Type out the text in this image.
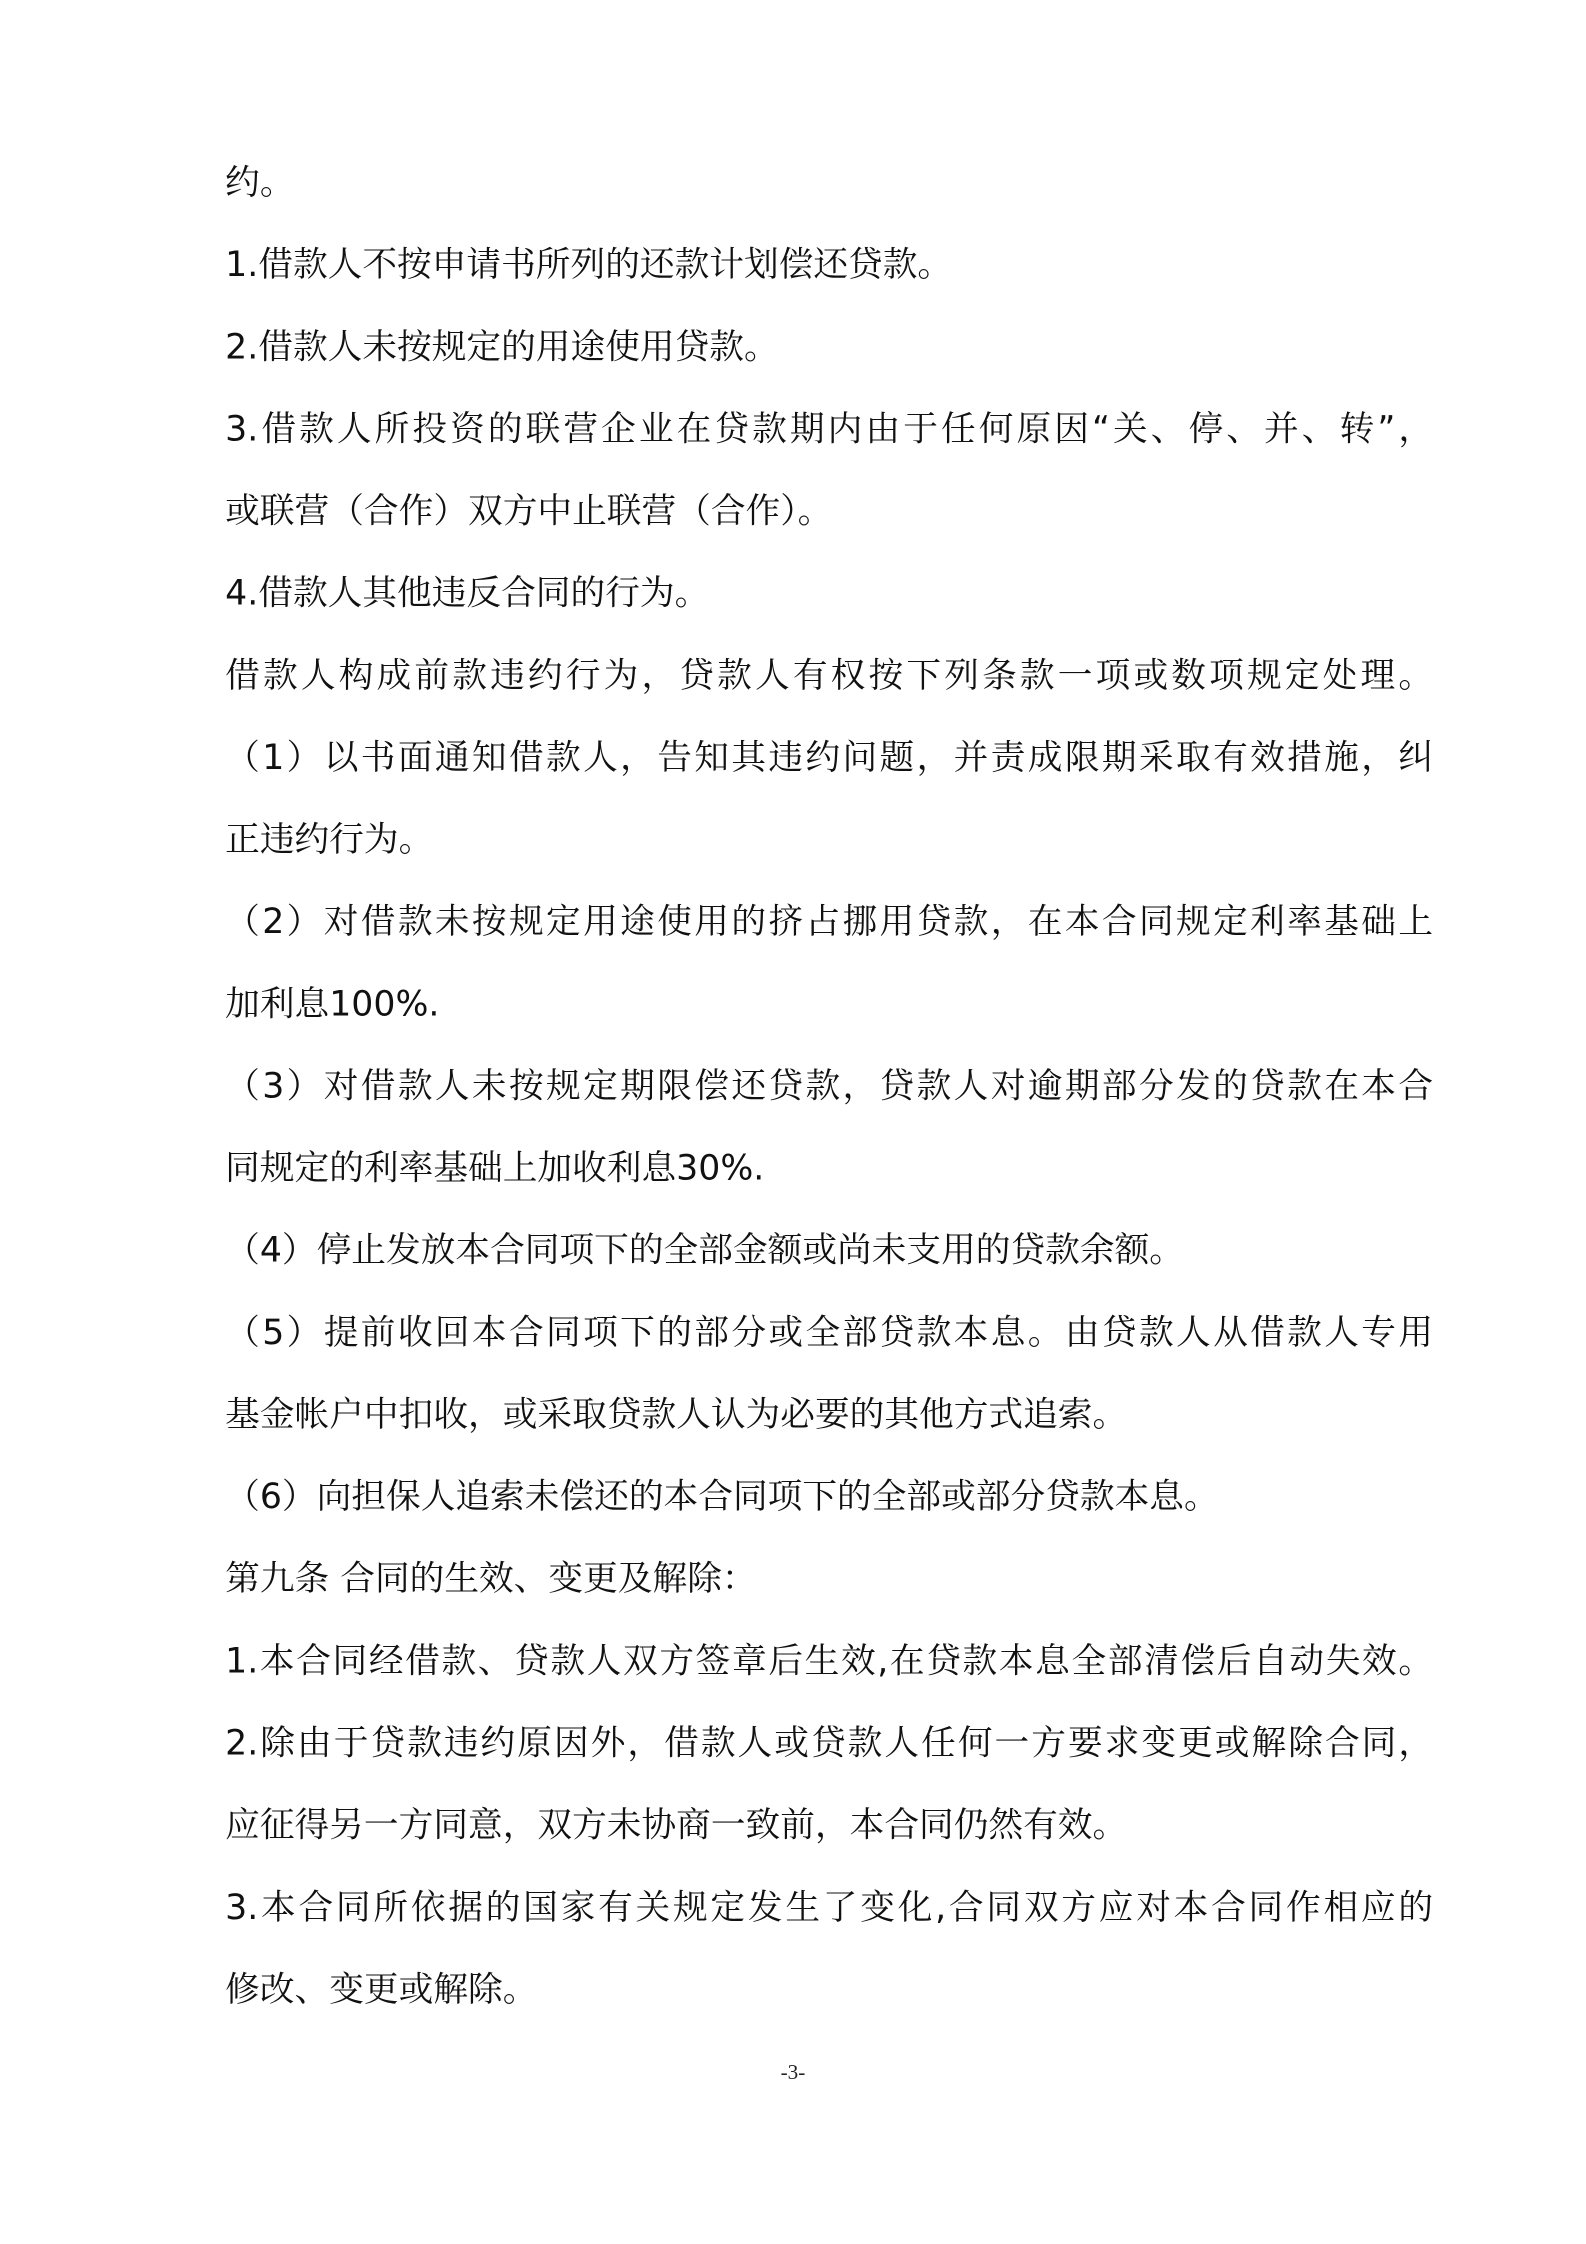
约。

1.借款人不按申请书所列的还款计划偿还贷款。

2.借款人未按规定的用途使用贷款。

3.借款人所投资的联营企业在贷款期内由于任何原因“关、停、并、转”，

或联营（合作）双方中止联营（合作）。

4.借款人其他违反合同的行为。

借款人构成前款违约行为，贷款人有权按下列条款一项或数项规定处理。

（1）以书面通知借款人，告知其违约问题，并责成限期采取有效措施，纠

正违约行为。

（2）对借款未按规定用途使用的挤占挪用贷款，在本合同规定利率基础上

加利息100%.

（3）对借款人未按规定期限偿还贷款，贷款人对逾期部分发的贷款在本合

同规定的利率基础上加收利息30%.

（4）停止发放本合同项下的全部金额或尚未支用的贷款余额。

（5）提前收回本合同项下的部分或全部贷款本息。由贷款人从借款人专用

基金帐户中扣收，或采取贷款人认为必要的其他方式追索。

（6）向担保人追索未偿还的本合同项下的全部或部分贷款本息。

第九条 合同的生效、变更及解除：

1.本合同经借款、贷款人双方签章后生效,在贷款本息全部清偿后自动失效。

2.除由于贷款违约原因外，借款人或贷款人任何一方要求变更或解除合同，

应征得另一方同意，双方未协商一致前，本合同仍然有效。

3.本合同所依据的国家有关规定发生了变化,合同双方应对本合同作相应的

修改、变更或解除。

-3-
